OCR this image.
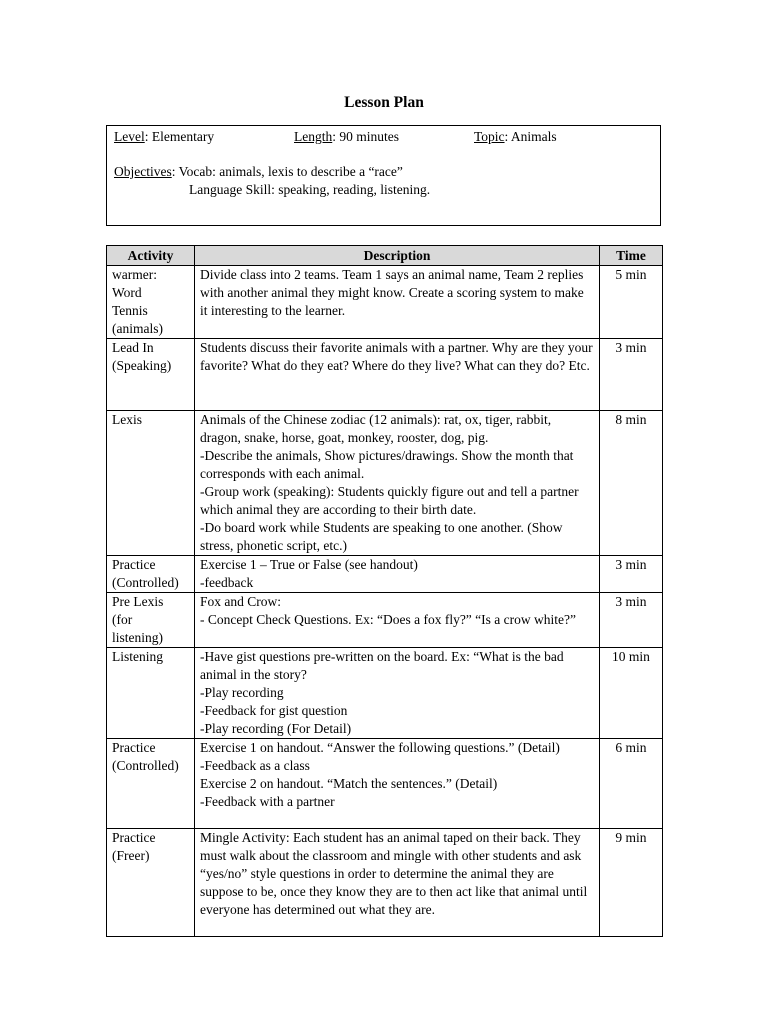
Lesson Plan
Level: Elementary	Length: 90 minutes	Topic: Animals
Objectives: Vocab: animals, lexis to describe a “race”
Language Skill: speaking, reading, listening.
Activity	Description	Time

warmer:
Word
Tennis
(animals)	Divide class into 2 teams. Team 1 says an animal name, Team 2 replies with another animal they might know. Create a scoring system to make it interesting to the learner.	5 min

Lead In
(Speaking)	Students discuss their favorite animals with a partner. Why are they your favorite? What do they eat? Where do they live? What can they do? Etc.	3 min

Lexis	Animals of the Chinese zodiac (12 animals): rat, ox, tiger, rabbit, dragon, snake, horse, goat, monkey, rooster, dog, pig.
-Describe the animals, Show pictures/drawings. Show the month that corresponds with each animal.
-Group work (speaking): Students quickly figure out and tell a partner which animal they are according to their birth date.
-Do board work while Students are speaking to one another. (Show stress, phonetic script, etc.)	8 min

Practice
(Controlled)	Exercise 1 – True or False (see handout)
-feedback	3 min

Pre Lexis
(for
listening)	Fox and Crow:
- Concept Check Questions. Ex: “Does a fox fly?” “Is a crow white?”	3 min

Listening	-Have gist questions pre-written on the board. Ex: “What is the bad animal in the story?
-Play recording
-Feedback for gist question
-Play recording (For Detail)	10 min

Practice
(Controlled)	Exercise 1 on handout. “Answer the following questions.” (Detail)
-Feedback as a class
Exercise 2 on handout. “Match the sentences.” (Detail)
-Feedback with a partner	6 min

Practice
(Freer)	Mingle Activity: Each student has an animal taped on their back. They must walk about the classroom and mingle with other students and ask “yes/no” style questions in order to determine the animal they are suppose to be, once they know they are to then act like that animal until everyone has determined out what they are.	9 min
